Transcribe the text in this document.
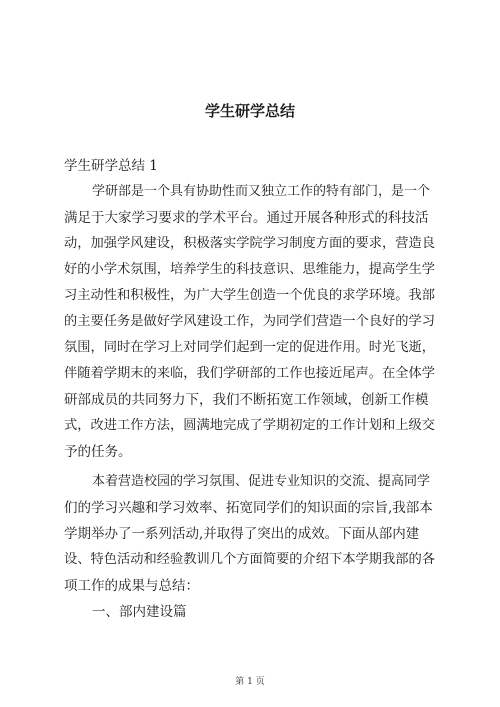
学生研学总结
学生研学总结 1
学研部是一个具有协助性而又独立工作的特有部门，是一个
满足于大家学习要求的学术平台。通过开展各种形式的科技活
动，加强学风建设，积极落实学院学习制度方面的要求，营造良
好的小学术氛围，培养学生的科技意识、思维能力，提高学生学
习主动性和积极性，为广大学生创造一个优良的求学环境。我部
的主要任务是做好学风建设工作，为同学们营造一个良好的学习
氛围，同时在学习上对同学们起到一定的促进作用。时光飞逝，
伴随着学期末的来临，我们学研部的工作也接近尾声。在全体学
研部成员的共同努力下，我们不断拓宽工作领域，创新工作模
式，改进工作方法，圆满地完成了学期初定的工作计划和上级交
予的任务。
本着营造校园的学习氛围、促进专业知识的交流、提高同学
们的学习兴趣和学习效率、拓宽同学们的知识面的宗旨,我部本
学期举办了一系列活动,并取得了突出的成效。下面从部内建
设、特色活动和经验教训几个方面简要的介绍下本学期我部的各
项工作的成果与总结：
一、部内建设篇
第 1 页
